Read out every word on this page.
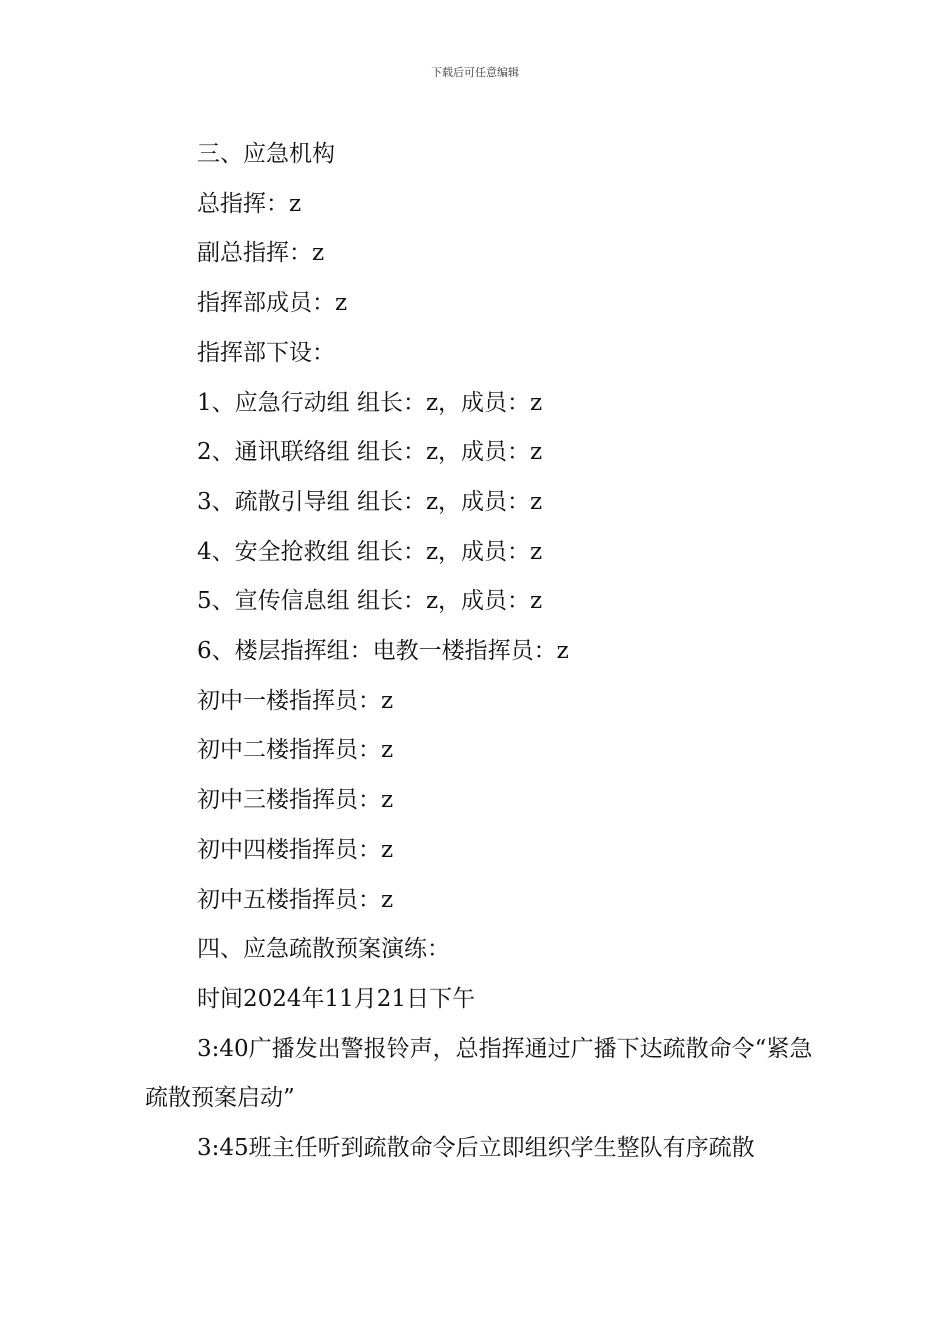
下载后可任意编辑
三、应急机构
总指挥：z
副总指挥：z
指挥部成员：z
指挥部下设：
1、应急行动组 组长：z，成员：z
2、通讯联络组 组长：z，成员：z
3、疏散引导组 组长：z，成员：z
4、安全抢救组 组长：z，成员：z
5、宣传信息组 组长：z，成员：z
6、楼层指挥组：电教一楼指挥员：z
初中一楼指挥员：z
初中二楼指挥员：z
初中三楼指挥员：z
初中四楼指挥员：z
初中五楼指挥员：z
四、应急疏散预案演练：
时间2024年11月21日下午
3:40广播发出警报铃声，总指挥通过广播下达疏散命令“紧急疏散预案启动”
3:45班主任听到疏散命令后立即组织学生整队有序疏散
